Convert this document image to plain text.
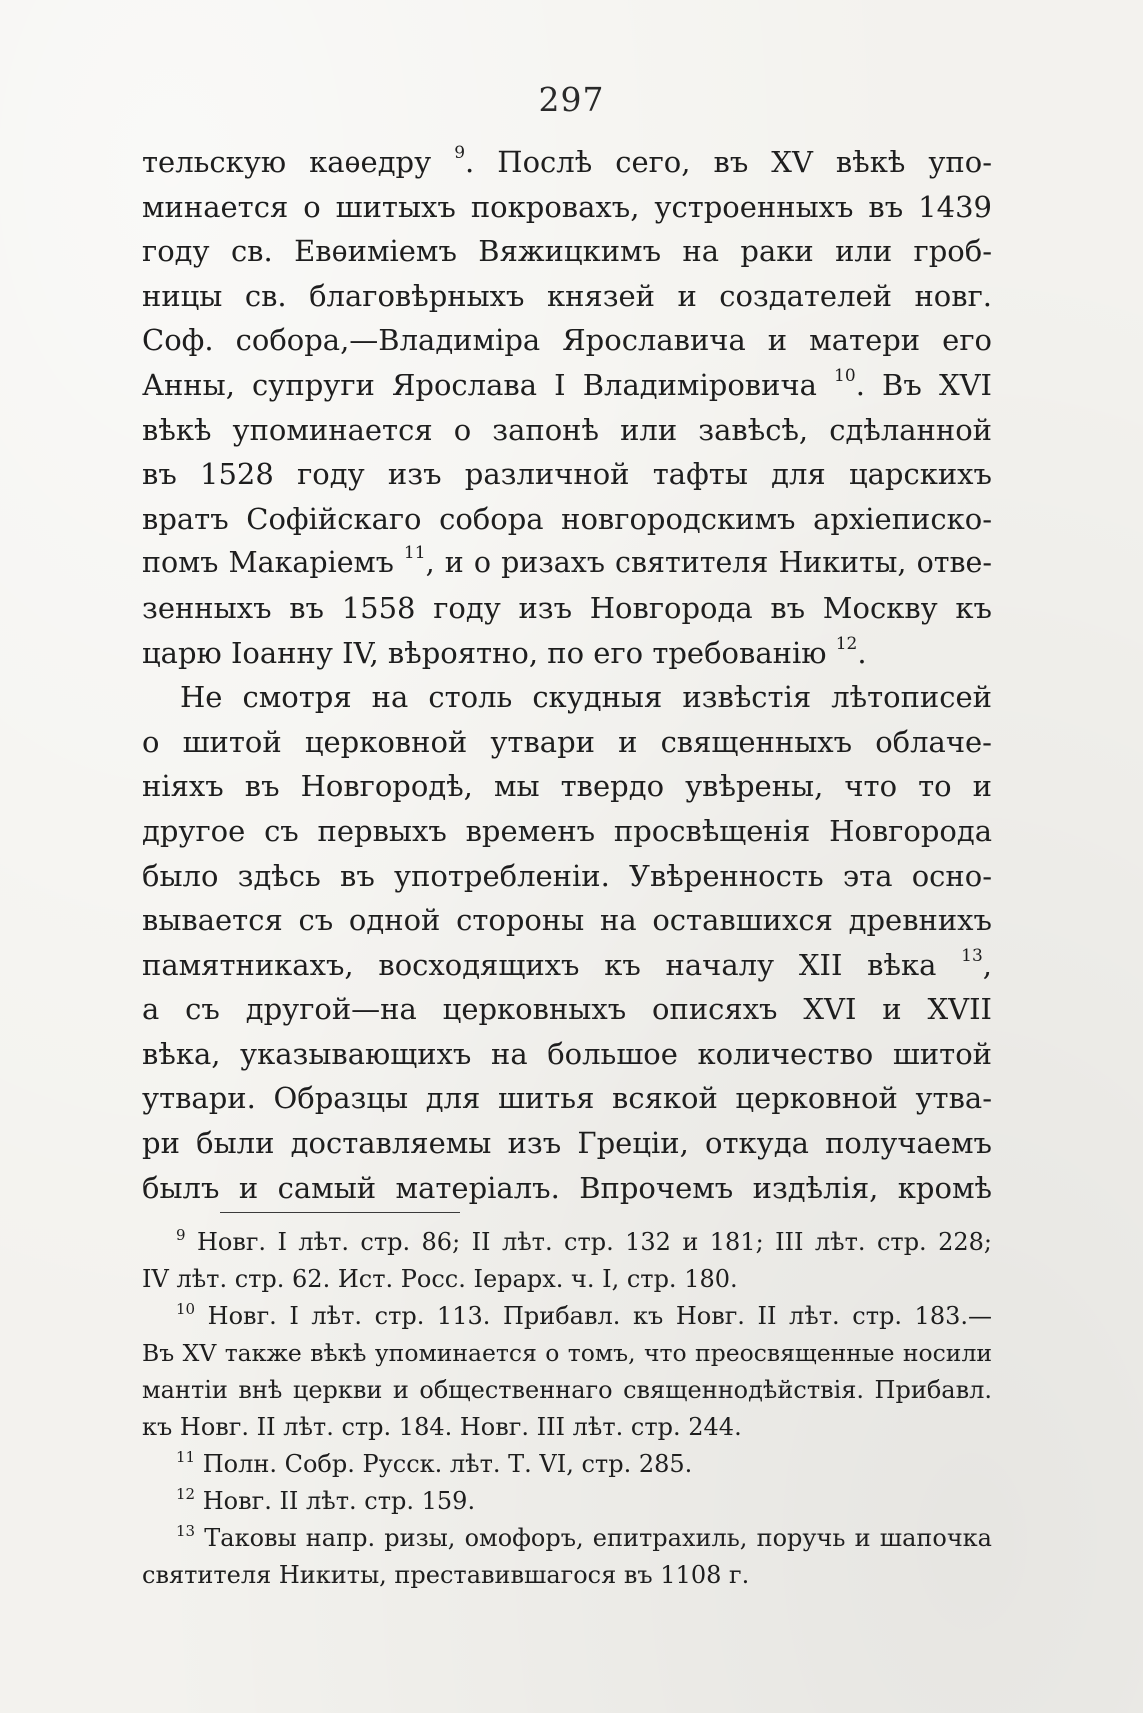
297
тельскую каѳедру $^9$. Послѣ сего, въ XV вѣкѣ упо-
минается о шитыхъ покровахъ, устроенныхъ въ 1439
году св. Евѳиміемъ Вяжицкимъ на раки или гроб-
ницы св. благовѣрныхъ князей и создателей новг.
Соф. собора,—Владиміра Ярославича и матери его
Анны, супруги Ярослава I Владиміровича $^{10}$. Въ XVI
вѣкѣ упоминается о запонѣ или завѣсѣ, сдѣланной
въ 1528 году изъ различной тафты для царскихъ
вратъ Софійскаго собора новгородскимъ архіеписко-
помъ Макаріемъ $^{11}$, и о ризахъ святителя Никиты, отве-
зенныхъ въ 1558 году изъ Новгорода въ Москву къ
царю Іоанну IV, вѣроятно, по его требованію $^{12}$.
Не смотря на столь скудныя извѣстія лѣтописей
о шитой церковной утвари и священныхъ облаче-
ніяхъ въ Новгородѣ, мы твердо увѣрены, что то и
другое съ первыхъ временъ просвѣщенія Новгорода
было здѣсь въ употребленіи. Увѣренность эта осно-
вывается съ одной стороны на оставшихся древнихъ
памятникахъ, восходящихъ къ началу XII вѣка $^{13}$,
а съ другой—на церковныхъ описяхъ XVI и XVII
вѣка, указывающихъ на большое количество шитой
утвари. Образцы для шитья всякой церковной утва-
ри были доставляемы изъ Греціи, откуда получаемъ
былъ и самый матеріалъ. Впрочемъ издѣлія, кромѣ
$^9$ Новг. I лѣт. стр. 86; II лѣт. стр. 132 и 181; III лѣт. стр. 228;
IV лѣт. стр. 62. Ист. Росс. Іерарх. ч. I, стр. 180.
$^{10}$ Новг. I лѣт. стр. 113. Прибавл. къ Новг. II лѣт. стр. 183.—
Въ XV также вѣкѣ упоминается о томъ, что преосвященные носили
мантіи внѣ церкви и общественнаго священнодѣйствія. Прибавл.
къ Новг. II лѣт. стр. 184. Новг. III лѣт. стр. 244.
$^{11}$ Полн. Собр. Русск. лѣт. Т. VI, стр. 285.
$^{12}$ Новг. II лѣт. стр. 159.
$^{13}$ Таковы напр. ризы, омофоръ, епитрахиль, поручь и шапочка
святителя Никиты, преставившагося въ 1108 г.
